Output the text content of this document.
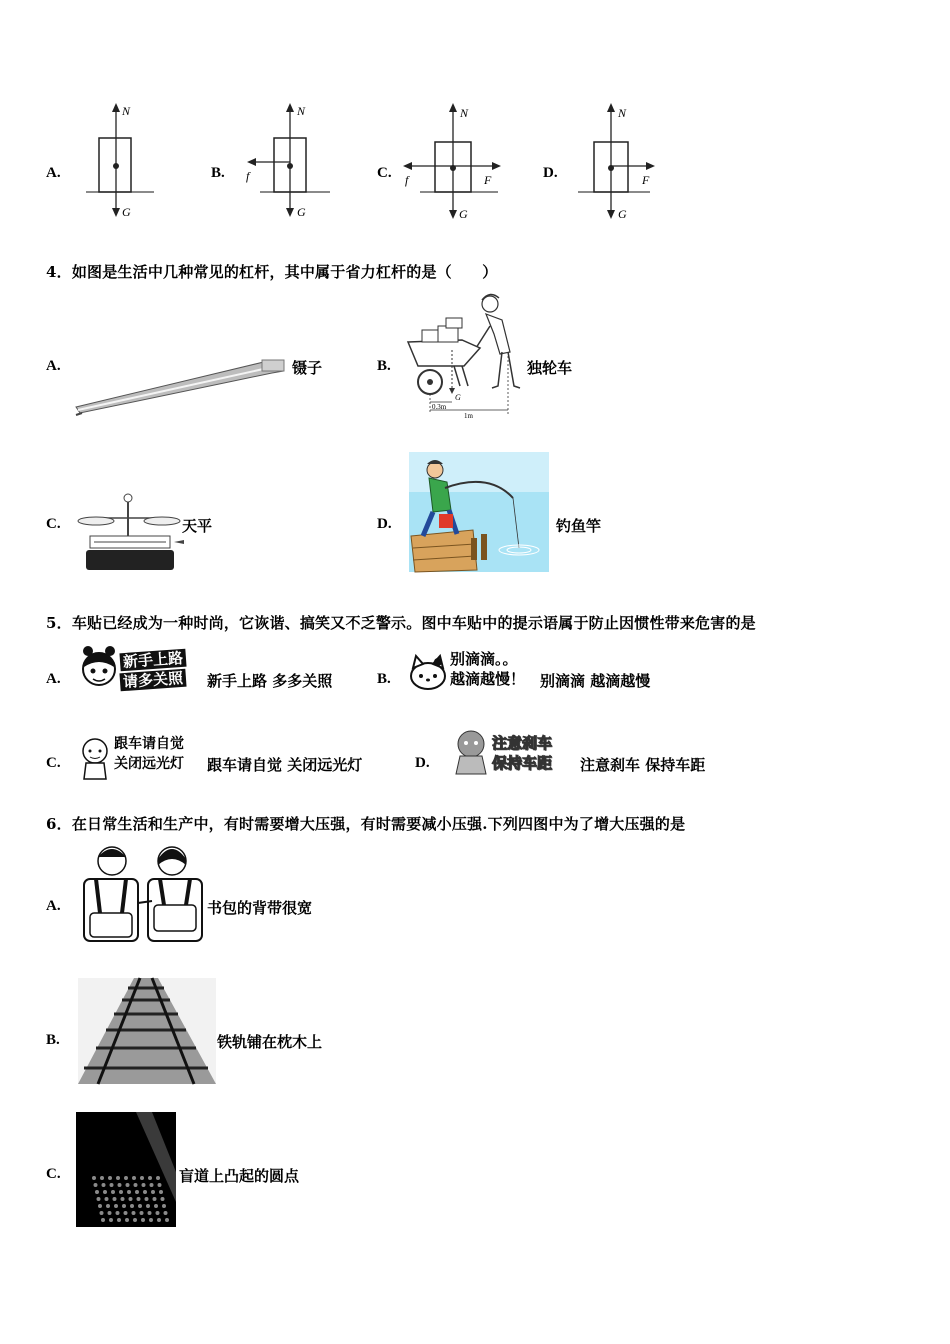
A.	B.	C.	D.
N
G
N
f
G
N
f	F
G
N
F
G
4．如图是生活中几种常见的杠杆，其中属于省力杠杆的是（　　）
A.	镊子	B.
G
0.3m
1m
独轮车
C.	天平	D.	钓鱼竿
5．车贴已经成为一种时尚，它诙谐、搞笑又不乏警示。图中车贴中的提示语属于防止因惯性带来危害的是
A.
新手上路
请多关照 新手上路 多多关照	B.
别滴滴。。
越滴越慢！ 别滴滴 越滴越慢
C.
跟车请自觉
关闭远光灯 跟车请自觉 关闭远光灯	D.
注意刹车
保持车距 注意刹车 保持车距
6．在日常生活和生产中，有时需要增大压强，有时需要减小压强.下列四图中为了增大压强的是
A.	书包的背带很宽
B.	铁轨铺在枕木上
C.	盲道上凸起的圆点
